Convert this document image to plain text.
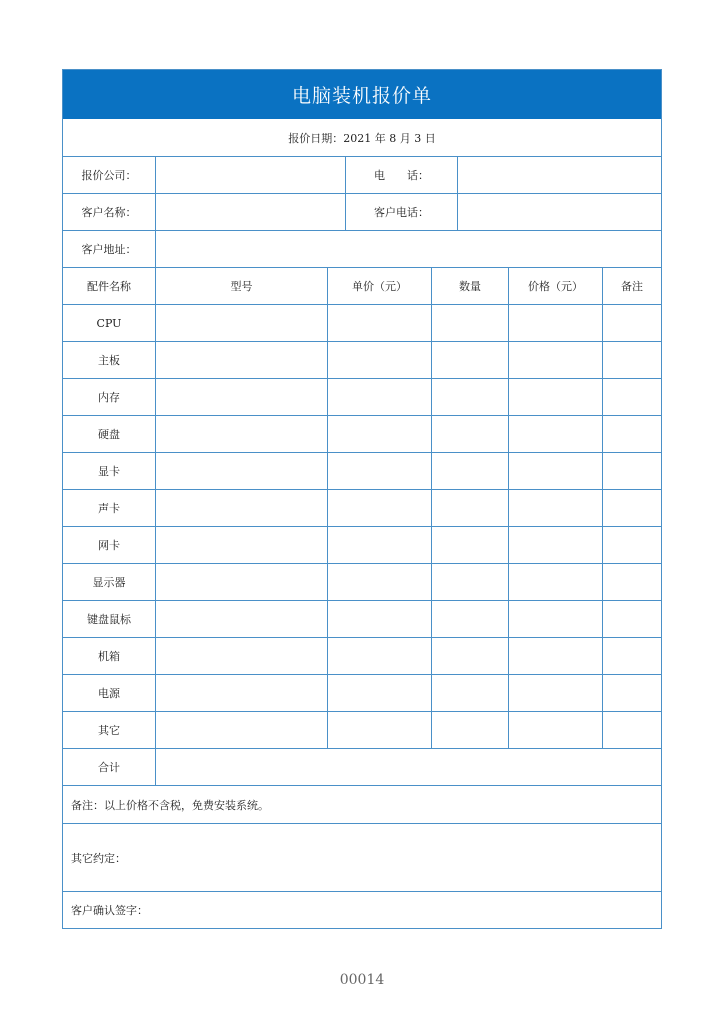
电脑装机报价单
报价日期：2021 年 8 月 3 日
报价公司：	电　　话：
客户名称：	客户电话：
客户地址：
配件名称	型号	单价（元）	数量	价格（元）	备注
CPU
主板
内存
硬盘
显卡
声卡
网卡
显示器
键盘鼠标
机箱
电源
其它
合计
备注：以上价格不含税，免费安装系统。
其它约定：
客户确认签字：
00014
